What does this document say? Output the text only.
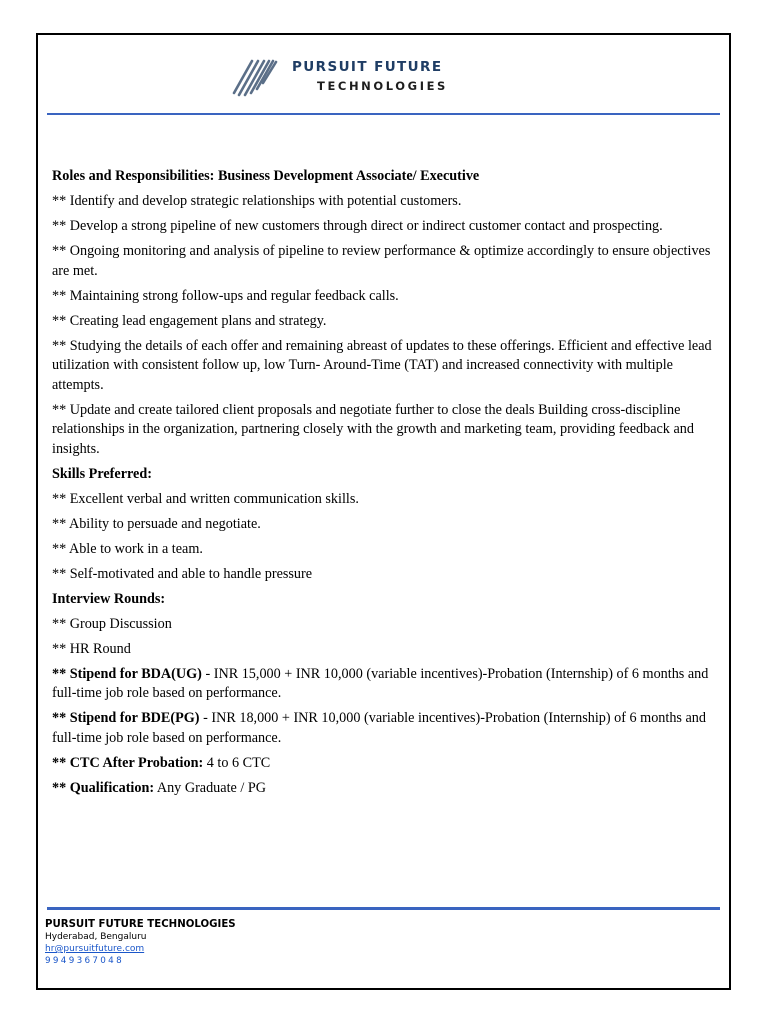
PURSUIT FUTURE
TECHNOLOGIES

Roles and Responsibilities: Business Development Associate/ Executive

** Identify and develop strategic relationships with potential customers.

** Develop a strong pipeline of new customers through direct or indirect customer contact and prospecting.

** Ongoing monitoring and analysis of pipeline to review performance & optimize accordingly to ensure objectives are met.

** Maintaining strong follow-ups and regular feedback calls.

** Creating lead engagement plans and strategy.

** Studying the details of each offer and remaining abreast of updates to these offerings. Efficient and effective lead utilization with consistent follow up, low Turn- Around-Time (TAT) and increased connectivity with multiple attempts.

** Update and create tailored client proposals and negotiate further to close the deals Building cross-discipline relationships in the organization, partnering closely with the growth and marketing team, providing feedback and insights.

Skills Preferred:

** Excellent verbal and written communication skills.

** Ability to persuade and negotiate.

** Able to work in a team.

** Self-motivated and able to handle pressure

Interview Rounds:

** Group Discussion

** HR Round

** Stipend for BDA(UG) - INR 15,000 + INR 10,000 (variable incentives)-Probation (Internship) of 6 months and full-time job role based on performance.

** Stipend for BDE(PG) - INR 18,000 + INR 10,000 (variable incentives)-Probation (Internship) of 6 months and full-time job role based on performance.

** CTC After Probation: 4 to 6 CTC

** Qualification: Any Graduate / PG

PURSUIT FUTURE TECHNOLOGIES
Hyderabad, Bengaluru
hr@pursuitfuture.com
9949367048
